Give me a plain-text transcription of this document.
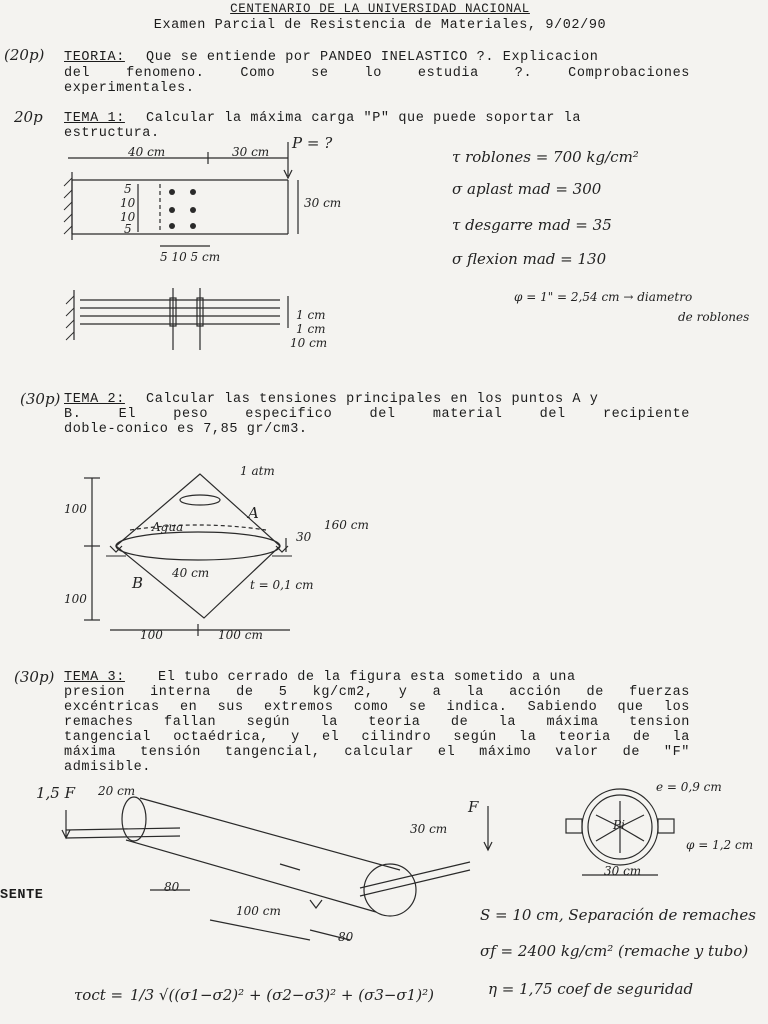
CENTENARIO DE LA UNIVERSIDAD NACIONAL
Examen Parcial de Resistencia de Materiales, 9/02/90
(20p) TEORIA: Que se entiende por PANDEO INELASTICO ?. Explicacion
del fenomeno. Como se lo estudia ?. Comprobaciones
experimentales.
20p TEMA 1: Calcular la máxima carga "P" que puede soportar la
estructura.
40 cm	30 cm P = ?
30 cm
5
10
10
5
5 10 5 cm
1 cm
1 cm
10 cm
τ roblones = 700 kg/cm²
σ aplast mad = 300
τ desgarre mad = 35
σ flexion mad = 130
φ = 1" = 2,54 cm → diametro
de roblones
(30p) TEMA 2: Calcular las tensiones principales en los puntos A y
B. El peso especifico del material del recipiente
doble-conico es 7,85 gr/cm3.
1 atm
Agua
A
B
160 cm
30
40 cm
t = 0,1 cm
100
100
100	100 cm
(30p) TEMA 3: El tubo cerrado de la figura esta sometido a una
presion interna de 5 kg/cm2, y a la acción de fuerzas
excéntricas en sus extremos como se indica. Sabiendo que los
remaches fallan según la teoria de la máxima tension
tangencial octaédrica, y el cilindro según la teoria de la
máxima tensión tangencial, calcular el máximo valor de "F"
admisible.
1,5 F 20 cm
F
30 cm
80
100 cm
80
SENTE
e = 0,9 cm
Pi
φ = 1,2 cm
30 cm
S = 10 cm, Separación de remaches
σf = 2400 kg/cm² (remache y tubo)
η = 1,75 coef de seguridad
τoct = 1/3 √((σ1−σ2)² + (σ2−σ3)² + (σ3−σ1)²)
